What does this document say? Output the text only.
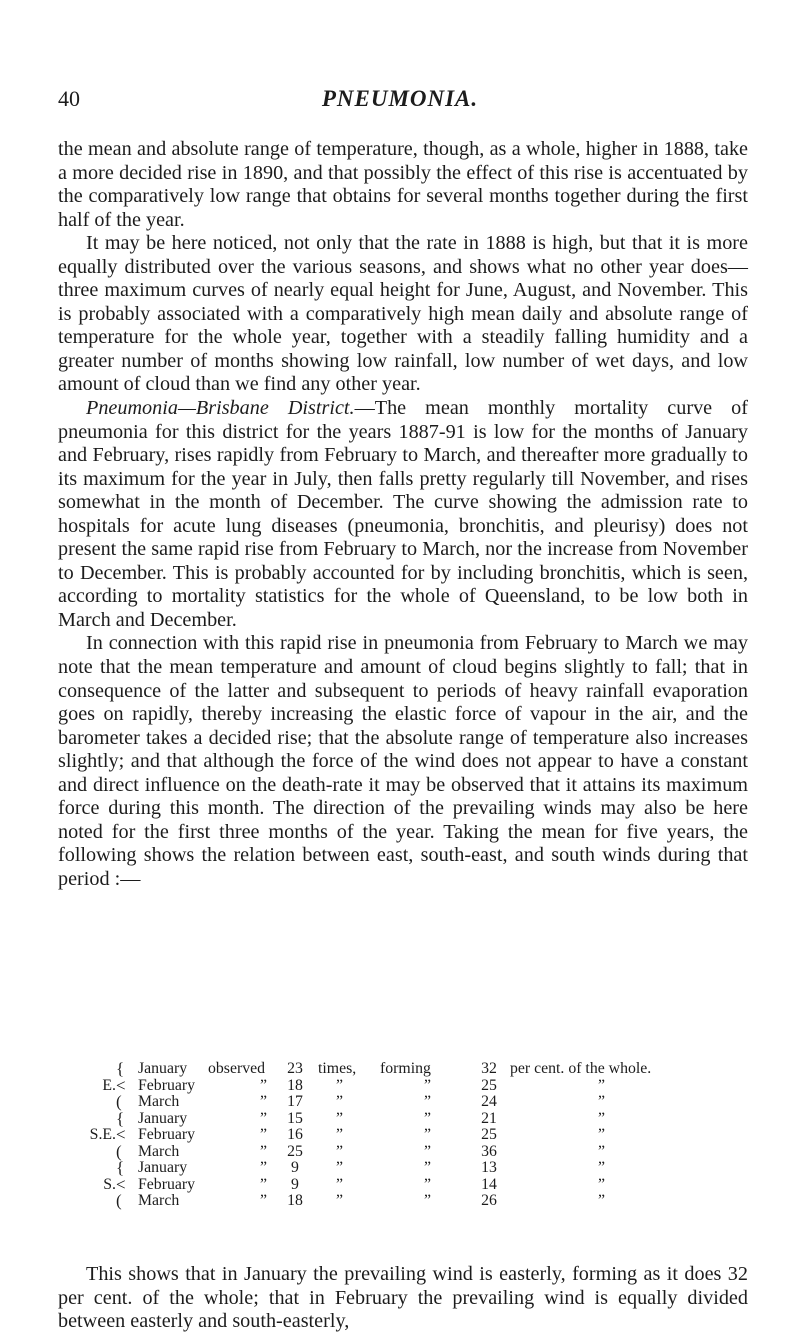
40	PNEUMONIA.

the mean and absolute range of temperature, though, as a whole, higher in 1888, take a more decided rise in 1890, and that possibly the effect of this rise is accentuated by the comparatively low range that obtains for several months together during the first half of the year.

It may be here noticed, not only that the rate in 1888 is high, but that it is more equally distributed over the various seasons, and shows what no other year does—three maximum curves of nearly equal height for June, August, and November. This is probably associated with a comparatively high mean daily and absolute range of temperature for the whole year, together with a steadily falling humidity and a greater number of months showing low rainfall, low number of wet days, and low amount of cloud than we find any other year.

Pneumonia—Brisbane District.—The mean monthly mortality curve of pneumonia for this district for the years 1887-91 is low for the months of January and February, rises rapidly from February to March, and thereafter more gradually to its maximum for the year in July, then falls pretty regularly till November, and rises somewhat in the month of December. The curve showing the admission rate to hospitals for acute lung diseases (pneumonia, bronchitis, and pleurisy) does not present the same rapid rise from February to March, nor the increase from November to December. This is probably accounted for by including bronchitis, which is seen, according to mortality statistics for the whole of Queensland, to be low both in March and December.

In connection with this rapid rise in pneumonia from February to March we may note that the mean temperature and amount of cloud begins slightly to fall; that in consequence of the latter and subsequent to periods of heavy rainfall evaporation goes on rapidly, thereby increasing the elastic force of vapour in the air, and the barometer takes a decided rise; that the absolute range of temperature also increases slightly; and that although the force of the wind does not appear to have a constant and direct influence on the death-rate it may be observed that it attains its maximum force during this month. The direction of the prevailing winds may also be here noted for the first three months of the year. Taking the mean for five years, the following shows the relation between east, south-east, and south winds during that period :—

{ January observed 23 times, forming	32 per cent. of the whole.
E. < February	” 18 ”	”	25	”
(	March	” 17 ”	”	24	”
{ January	” 15 ”	”	21	”
S.E. < February	” 16 ”	”	25	”
(	March	” 25 ”	”	36	”
{ January	”	9	”	”	13	”
S. < February	”	9	”	”	14	”
(	March	” 18 ”	”	26	”

This shows that in January the prevailing wind is easterly, forming as it does 32 per cent. of the whole; that in February the prevailing wind is equally divided between easterly and south-easterly,
